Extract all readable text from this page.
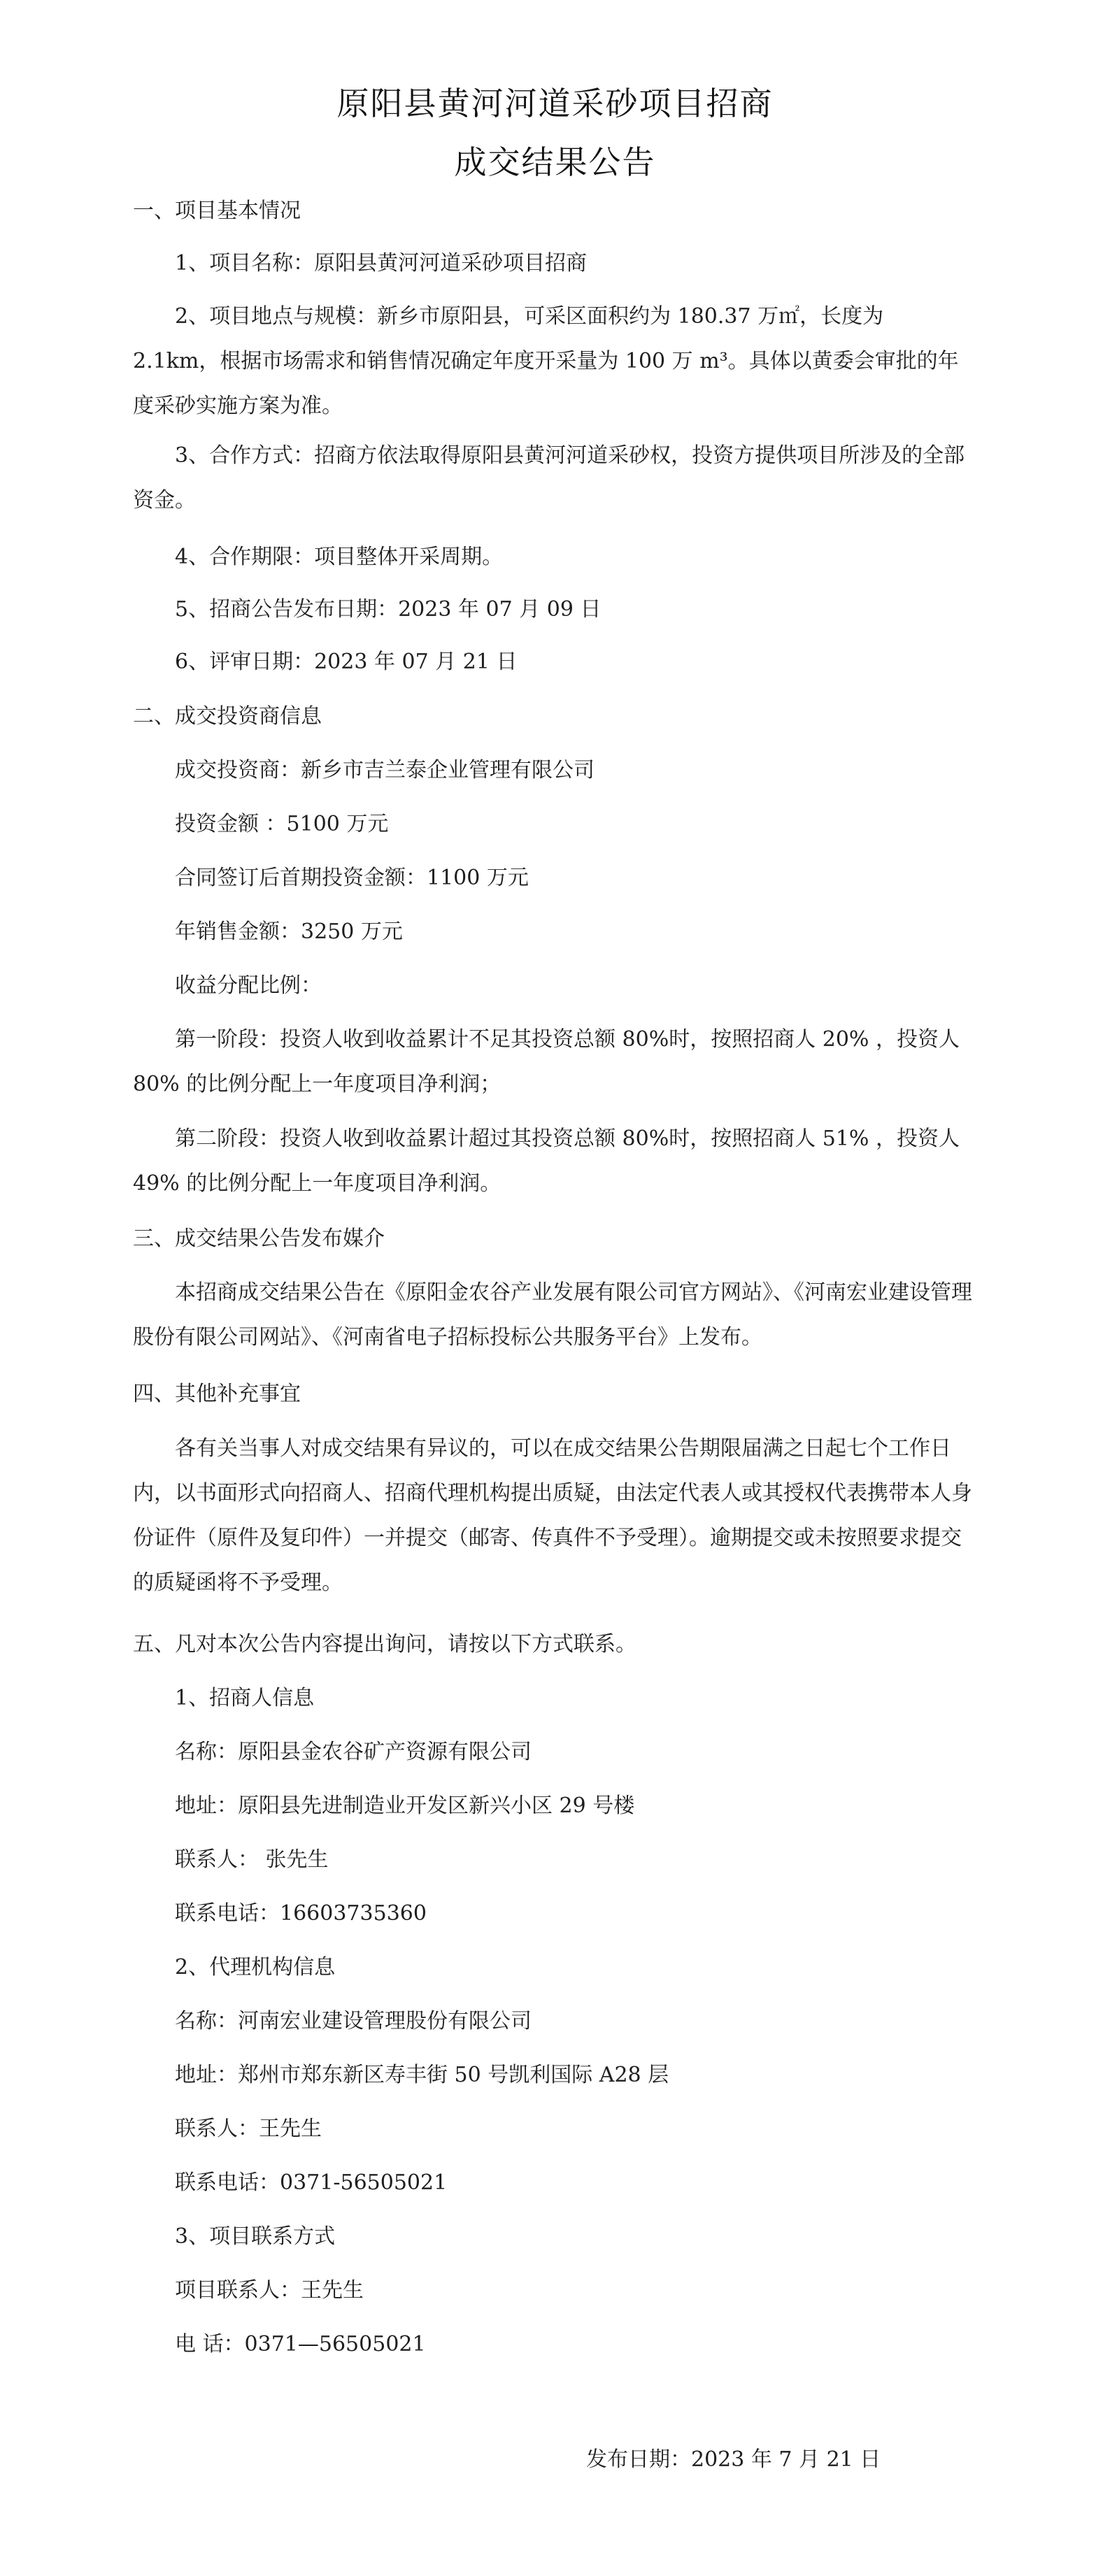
原阳县黄河河道采砂项目招商
成交结果公告

一、项目基本情况

1、项目名称：原阳县黄河河道采砂项目招商

2、项目地点与规模：新乡市原阳县，可采区面积约为 180.37 万㎡，长度为 2.1km，根据市场需求和销售情况确定年度开采量为 100 万 m³。具体以黄委会审批的年度采砂实施方案为准。

3、合作方式：招商方依法取得原阳县黄河河道采砂权，投资方提供项目所涉及的全部资金。

4、合作期限：项目整体开采周期。

5、招商公告发布日期：2023 年 07 月 09 日

6、评审日期：2023 年 07 月 21 日

二、成交投资商信息

成交投资商：新乡市吉兰泰企业管理有限公司

投资金额 ：5100 万元

合同签订后首期投资金额：1100 万元

年销售金额：3250 万元

收益分配比例：

第一阶段：投资人收到收益累计不足其投资总额 80%时，按照招商人 20% ，投资人 80% 的比例分配上一年度项目净利润；

第二阶段：投资人收到收益累计超过其投资总额 80%时，按照招商人 51% ，投资人 49% 的比例分配上一年度项目净利润。

三、成交结果公告发布媒介

本招商成交结果公告在《原阳金农谷产业发展有限公司官方网站》、《河南宏业建设管理股份有限公司网站》、《河南省电子招标投标公共服务平台》上发布。

四、其他补充事宜

各有关当事人对成交结果有异议的，可以在成交结果公告期限届满之日起七个工作日内，以书面形式向招商人、招商代理机构提出质疑，由法定代表人或其授权代表携带本人身份证件（原件及复印件）一并提交（邮寄、传真件不予受理）。逾期提交或未按照要求提交的质疑函将不予受理。

五、凡对本次公告内容提出询问，请按以下方式联系。

1、招商人信息

名称：原阳县金农谷矿产资源有限公司

地址：原阳县先进制造业开发区新兴小区 29 号楼

联系人： 张先生

联系电话：16603735360

2、代理机构信息

名称：河南宏业建设管理股份有限公司

地址：郑州市郑东新区寿丰街 50 号凯利国际 A28 层

联系人：王先生

联系电话：0371-56505021

3、项目联系方式

项目联系人：王先生

电 话：0371—56505021

发布日期：2023 年 7 月 21 日
